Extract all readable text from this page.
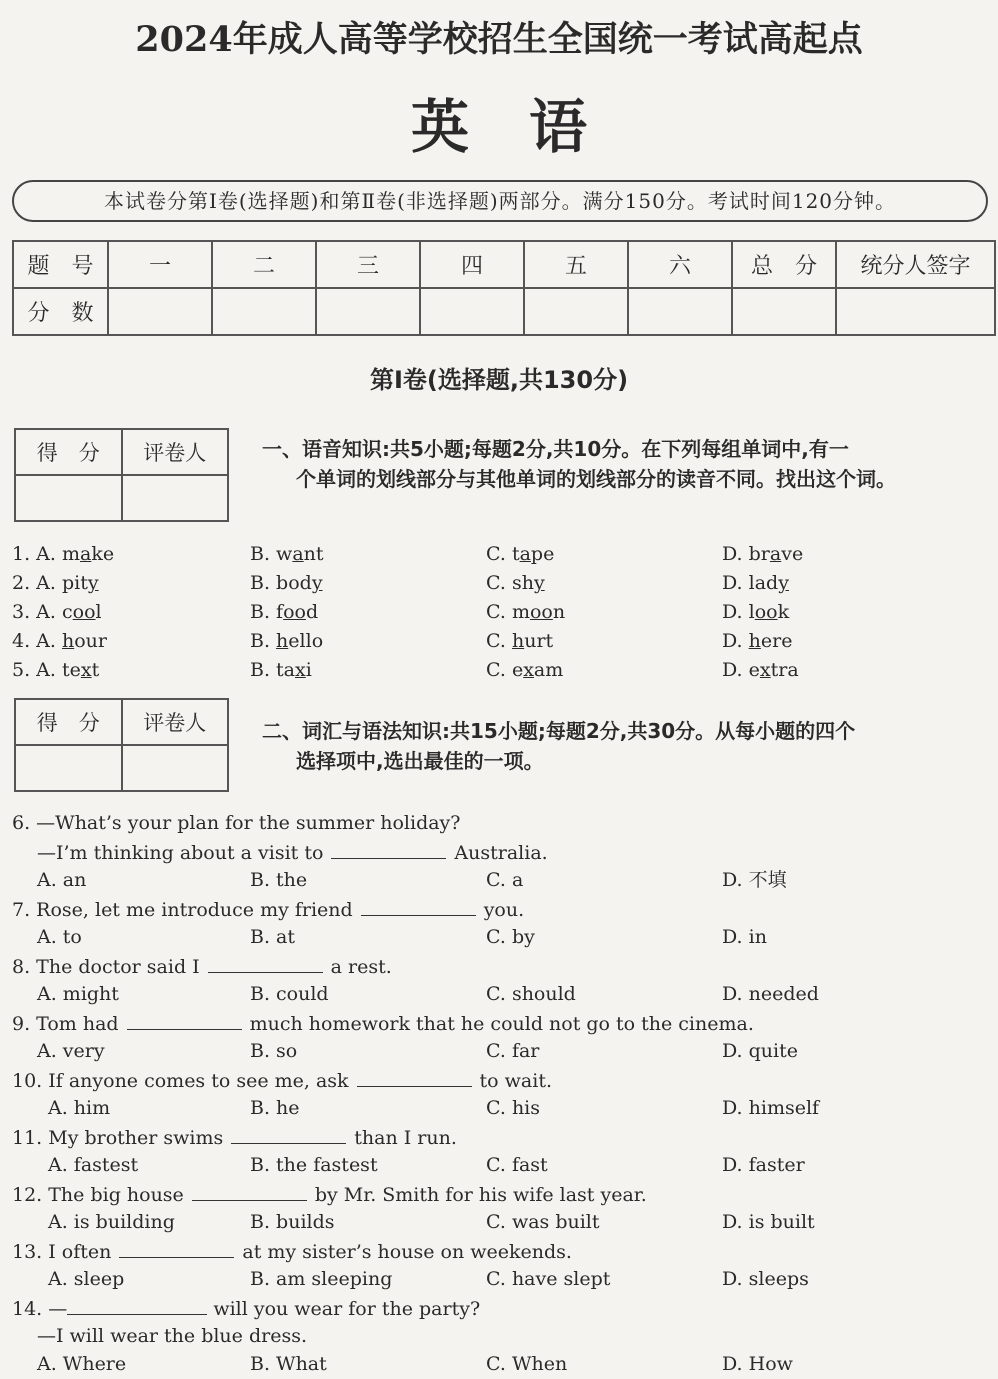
2024年成人高等学校招生全国统一考试高起点
英语
本试卷分第Ⅰ卷(选择题)和第Ⅱ卷(非选择题)两部分。满分150分。考试时间120分钟。
题　号	一	二	三	四	五	六	总　分	统分人签字
分　数								
第Ⅰ卷(选择题,共130分)
得　分	评卷人
		一、语音知识:共5小题;每题2分,共10分。在下列每组单词中,有一
个单词的划线部分与其他单词的划线部分的读音不同。找出这个词。
1. A. make	B. want	C. tape	D. brave
2. A. pity	B. body	C. shy	D. lady
3. A. cool	B. food	C. moon	D. look
4. A. hour	B. hello	C. hurt	D. here
5. A. text	B. taxi	C. exam	D. extra
得　分	评卷人
		二、词汇与语法知识:共15小题;每题2分,共30分。从每小题的四个
选择项中,选出最佳的一项。
6. —What’s your plan for the summer holiday?
—I’m thinking about a visit to	Australia.
A. an	B. the	C. a	D. 不填
7. Rose, let me introduce my friend	you.
A. to	B. at	C. by	D. in
8. The doctor said I	a rest.
A. might	B. could	C. should	D. needed
9. Tom had	much homework that he could not go to the cinema.
A. very	B. so	C. far	D. quite
10. If anyone comes to see me, ask	to wait.
A. him	B. he	C. his	D. himself
11. My brother swims	than I run.
A. fastest	B. the fastest	C. fast	D. faster
12. The big house	by Mr. Smith for his wife last year.
A. is building	B. builds	C. was built	D. is built
13. I often	at my sister’s house on weekends.
A. sleep	B. am sleeping	C. have slept	D. sleeps
14. —	will you wear for the party?
—I will wear the blue dress.
A. Where	B. What	C. When	D. How
